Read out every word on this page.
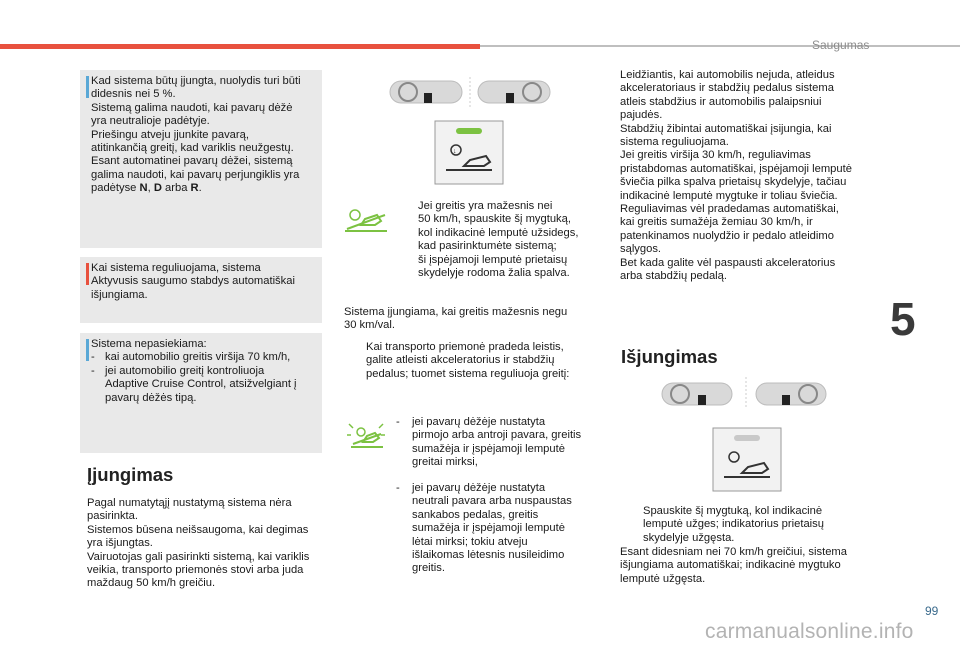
Saugumas
5
99
carmanualsonline.info
Kad sistema būtų įjungta, nuolydis turi būti
didesnis nei 5 %.
Sistemą galima naudoti, kai pavarų dėžė
yra neutralioje padėtyje.
Priešingu atveju įjunkite pavarą,
atitinkančią greitį, kad variklis neužgestų.
Esant automatinei pavarų dėžei, sistemą
galima naudoti, kai pavarų perjungiklis yra
padėtyse N, D arba R.
Kai sistema reguliuojama, sistema
Aktyvusis saugumo stabdys automatiškai
išjungiama.
Sistema nepasiekiama:
- kai automobilio greitis viršija 70 km/h,
- jei automobilio greitį kontroliuoja
Adaptive Cruise Control, atsižvelgiant į
pavarų dėžės tipą.
Įjungimas
Pagal numatytąjį nustatymą sistema nėra
pasirinkta.
Sistemos būsena neišsaugoma, kai degimas
yra išjungtas.
Vairuotojas gali pasirinkti sistemą, kai variklis
veikia, transporto priemonės stovi arba juda
maždaug 50 km/h greičiu.
↓
Jei greitis yra mažesnis nei
50 km/h, spauskite šį mygtuką,
kol indikacinė lemputė užsidegs,
kad pasirinktumėte sistemą;
ši įspėjamoji lemputė prietaisų
skydelyje rodoma žalia spalva.
Sistema įjungiama, kai greitis mažesnis negu
30 km/val.
Kai transporto priemonė pradeda leistis,
galite atleisti akceleratorius ir stabdžių
pedalus; tuomet sistema reguliuoja greitį:
- jei pavarų dėžėje nustatyta
pirmojo arba antroji pavara, greitis
sumažėja ir įspėjamoji lemputė
greitai mirksi,
- jei pavarų dėžėje nustatyta
neutrali pavara arba nuspaustas
sankabos pedalas, greitis
sumažėja ir įspėjamoji lemputė
lėtai mirksi; tokiu atveju
išlaikomas lėtesnis nusileidimo
greitis.
Leidžiantis, kai automobilis nejuda, atleidus
akceleratoriaus ir stabdžių pedalus sistema
atleis stabdžius ir automobilis palaipsniui
pajudės.
Stabdžių žibintai automatiškai įsijungia, kai
sistema reguliuojama.
Jei greitis viršija 30 km/h, reguliavimas
pristabdomas automatiškai, įspėjamoji lemputė
šviečia pilka spalva prietaisų skydelyje, tačiau
indikacinė lemputė mygtuke ir toliau šviečia.
Reguliavimas vėl pradedamas automatiškai,
kai greitis sumažėja žemiau 30 km/h, ir
patenkinamos nuolydžio ir pedalo atleidimo
sąlygos.
Bet kada galite vėl paspausti akceleratorius
arba stabdžių pedalą.
Išjungimas
Spauskite šį mygtuką, kol indikacinė
lemputė užges; indikatorius prietaisų
skydelyje užgęsta.
Esant didesniam nei 70 km/h greičiui, sistema
išjungiama automatiškai; indikacinė mygtuko
lemputė užgęsta.
